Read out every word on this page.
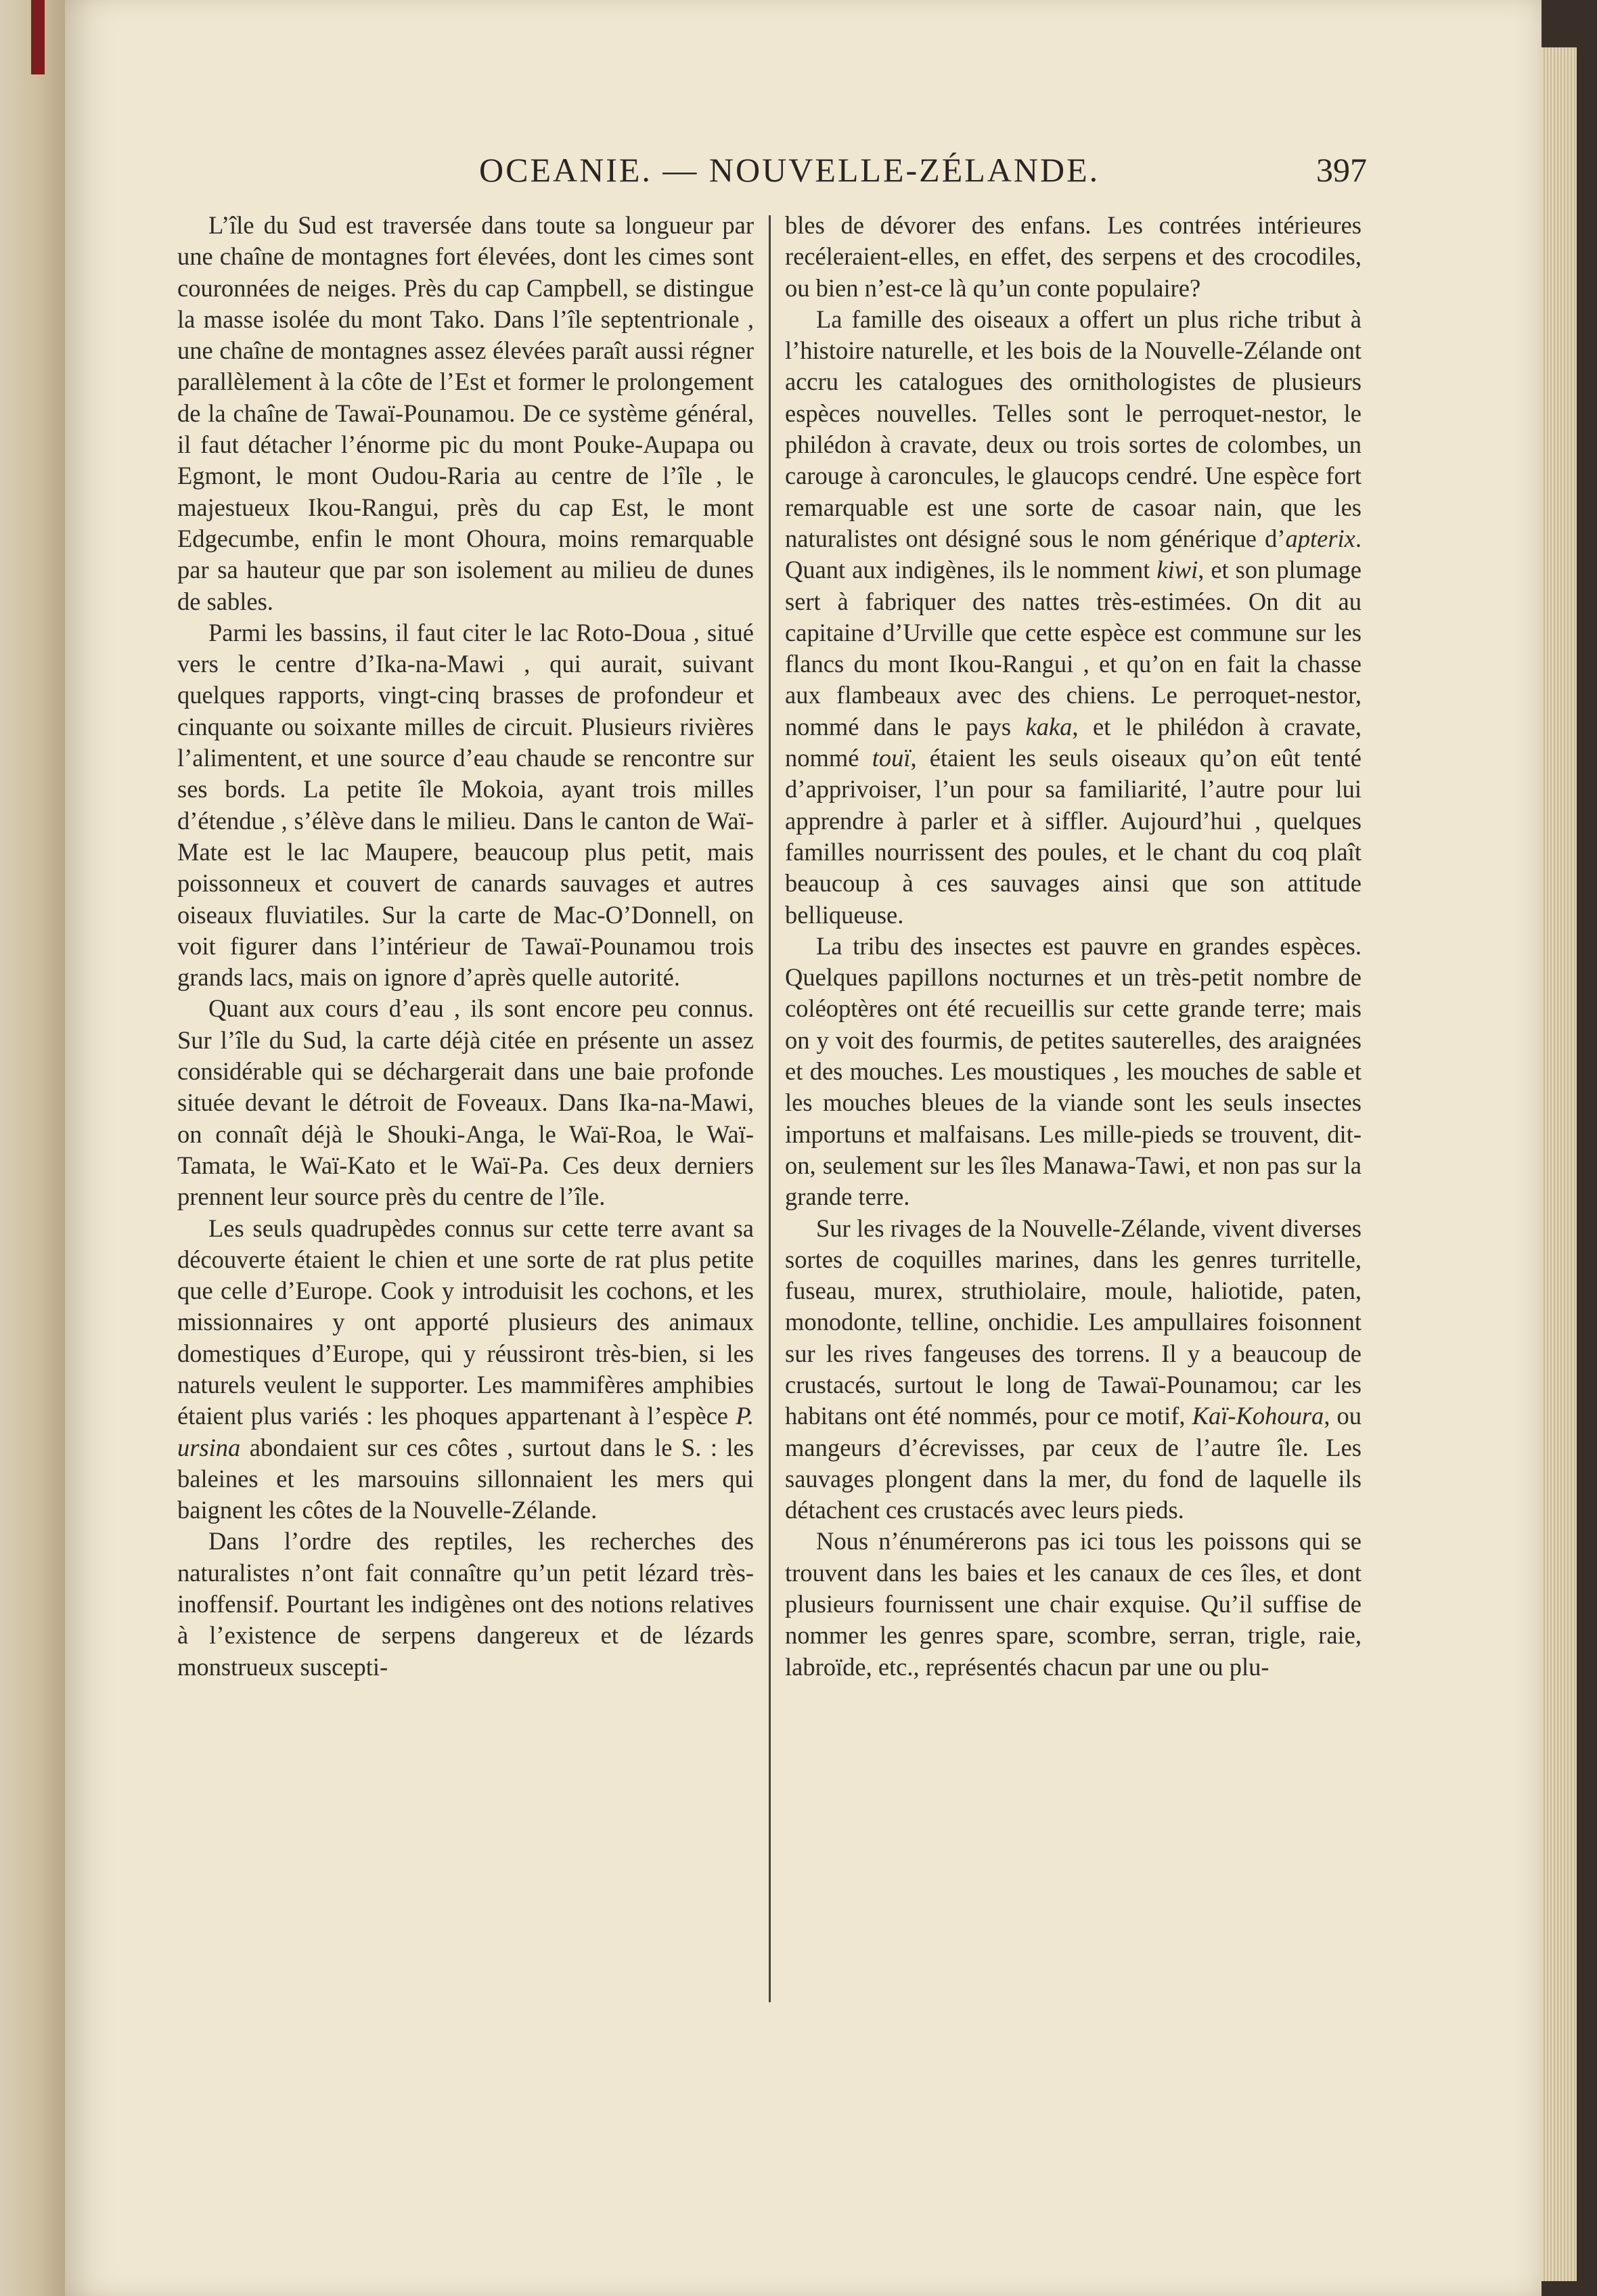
OCEANIE. — NOUVELLE-ZÉLANDE.	397

L’île du Sud est traversée dans toute sa longueur par une chaîne de montagnes fort élevées, dont les cimes sont couronnées de neiges. Près du cap Campbell, se distingue la masse isolée du mont Tako. Dans l’île septentrionale , une chaîne de montagnes assez élevées paraît aussi régner parallèlement à la côte de l’Est et former le prolongement de la chaîne de Tawaï-Pounamou. De ce système général, il faut détacher l’énorme pic du mont Pouke-Aupapa ou Egmont, le mont Oudou-Raria au centre de l’île , le majestueux Ikou-Rangui, près du cap Est, le mont Edgecumbe, enfin le mont Ohoura, moins remarquable par sa hauteur que par son isolement au milieu de dunes de sables.

Parmi les bassins, il faut citer le lac Roto-Doua , situé vers le centre d’Ika-na-Mawi , qui aurait, suivant quelques rapports, vingt-cinq brasses de profondeur et cinquante ou soixante milles de circuit. Plusieurs rivières l’alimentent, et une source d’eau chaude se rencontre sur ses bords. La petite île Mokoia, ayant trois milles d’étendue , s’élève dans le milieu. Dans le canton de Waï-Mate est le lac Maupere, beaucoup plus petit, mais poissonneux et couvert de canards sauvages et autres oiseaux fluviatiles. Sur la carte de Mac-O’Donnell, on voit figurer dans l’intérieur de Tawaï-Pounamou trois grands lacs, mais on ignore d’après quelle autorité.

Quant aux cours d’eau , ils sont encore peu connus. Sur l’île du Sud, la carte déjà citée en présente un assez considérable qui se déchargerait dans une baie profonde située devant le détroit de Foveaux. Dans Ika-na-Mawi, on connaît déjà le Shouki-Anga, le Waï-Roa, le Waï-Tamata, le Waï-Kato et le Waï-Pa. Ces deux derniers prennent leur source près du centre de l’île.

Les seuls quadrupèdes connus sur cette terre avant sa découverte étaient le chien et une sorte de rat plus petite que celle d’Europe. Cook y introduisit les cochons, et les missionnaires y ont apporté plusieurs des animaux domestiques d’Europe, qui y réussiront très-bien, si les naturels veulent le supporter. Les mammifères amphibies étaient plus variés : les phoques appartenant à l’espèce P. ursina abondaient sur ces côtes , surtout dans le S. : les baleines et les marsouins sillonnaient les mers qui baignent les côtes de la Nouvelle-Zélande.

Dans l’ordre des reptiles, les recherches des naturalistes n’ont fait connaître qu’un petit lézard très-inoffensif. Pourtant les indigènes ont des notions relatives à l’existence de serpens dangereux et de lézards monstrueux suscepti-

bles de dévorer des enfans. Les contrées intérieures recéleraient-elles, en effet, des serpens et des crocodiles, ou bien n’est-ce là qu’un conte populaire?

La famille des oiseaux a offert un plus riche tribut à l’histoire naturelle, et les bois de la Nouvelle-Zélande ont accru les catalogues des ornithologistes de plusieurs espèces nouvelles. Telles sont le perroquet-nestor, le philédon à cravate, deux ou trois sortes de colombes, un carouge à caroncules, le glaucops cendré. Une espèce fort remarquable est une sorte de casoar nain, que les naturalistes ont désigné sous le nom générique d’apterix. Quant aux indigènes, ils le nomment kiwi, et son plumage sert à fabriquer des nattes très-estimées. On dit au capitaine d’Urville que cette espèce est commune sur les flancs du mont Ikou-Rangui , et qu’on en fait la chasse aux flambeaux avec des chiens. Le perroquet-nestor, nommé dans le pays kaka, et le philédon à cravate, nommé touï, étaient les seuls oiseaux qu’on eût tenté d’apprivoiser, l’un pour sa familiarité, l’autre pour lui apprendre à parler et à siffler. Aujourd’hui , quelques familles nourrissent des poules, et le chant du coq plaît beaucoup à ces sauvages ainsi que son attitude belliqueuse.

La tribu des insectes est pauvre en grandes espèces. Quelques papillons nocturnes et un très-petit nombre de coléoptères ont été recueillis sur cette grande terre; mais on y voit des fourmis, de petites sauterelles, des araignées et des mouches. Les moustiques , les mouches de sable et les mouches bleues de la viande sont les seuls insectes importuns et malfaisans. Les mille-pieds se trouvent, dit-on, seulement sur les îles Manawa-Tawi, et non pas sur la grande terre.

Sur les rivages de la Nouvelle-Zélande, vivent diverses sortes de coquilles marines, dans les genres turritelle, fuseau, murex, struthiolaire, moule, haliotide, paten, monodonte, telline, onchidie. Les ampullaires foisonnent sur les rives fangeuses des torrens. Il y a beaucoup de crustacés, surtout le long de Tawaï-Pounamou; car les habitans ont été nommés, pour ce motif, Kaï-Kohoura, ou mangeurs d’écrevisses, par ceux de l’autre île. Les sauvages plongent dans la mer, du fond de laquelle ils détachent ces crustacés avec leurs pieds.

Nous n’énumérerons pas ici tous les poissons qui se trouvent dans les baies et les canaux de ces îles, et dont plusieurs fournissent une chair exquise. Qu’il suffise de nommer les genres spare, scombre, serran, trigle, raie, labroïde, etc., représentés chacun par une ou plu-
